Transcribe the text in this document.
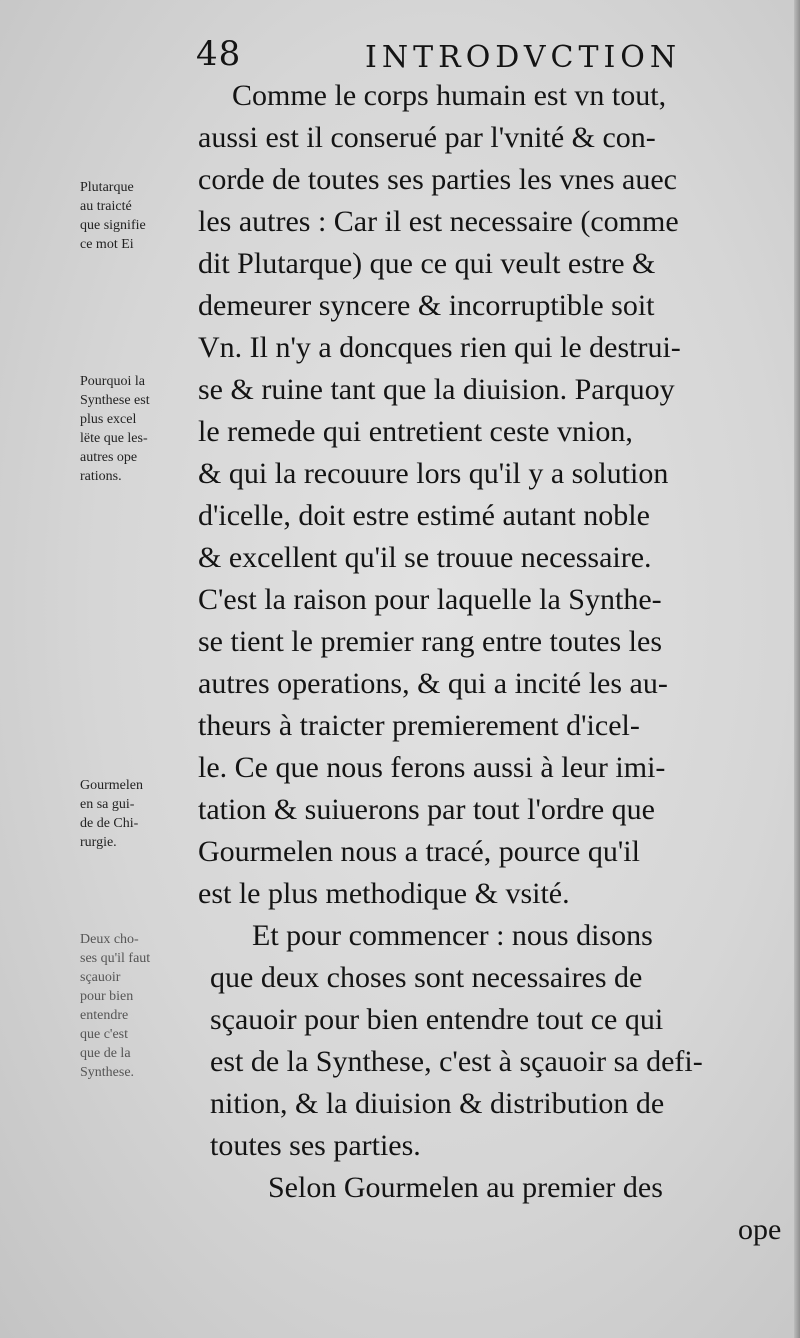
48	INTRODVCTION
Plutarque
au traicté
que signifie
ce mot Ei
Pourquoi la
Synthese est
plus excel
lëte que les-
autres ope
rations.
Gourmelen
en sa gui-
de de Chi-
rurgie.
Deux cho-
ses qu'il faut
sçauoir
pour bien
entendre
que c'est
que de la
Synthese.
Comme le corps humain est vn tout,
aussi est il conserué par l'vnité & con-
corde de toutes ses parties les vnes auec
les autres : Car il est necessaire (comme
dit Plutarque) que ce qui veult estre &
demeurer syncere & incorruptible soit
Vn. Il n'y a doncques rien qui le destrui-
se & ruine tant que la diuision. Parquoy
le remede qui entretient ceste vnion,
& qui la recouure lors qu'il y a solution
d'icelle, doit estre estimé autant noble
& excellent qu'il se trouue necessaire.
C'est la raison pour laquelle la Synthe-
se tient le premier rang entre toutes les
autres operations, & qui a incité les au-
theurs à traicter premierement d'icel-
le. Ce que nous ferons aussi à leur imi-
tation & suiuerons par tout l'ordre que
Gourmelen nous a tracé, pource qu'il
est le plus methodique & vsité.
Et pour commencer : nous disons
que deux choses sont necessaires de
sçauoir pour bien entendre tout ce qui
est de la Synthese, c'est à sçauoir sa defi-
nition, & la diuision & distribution de
toutes ses parties.
Selon Gourmelen au premier des
ope
